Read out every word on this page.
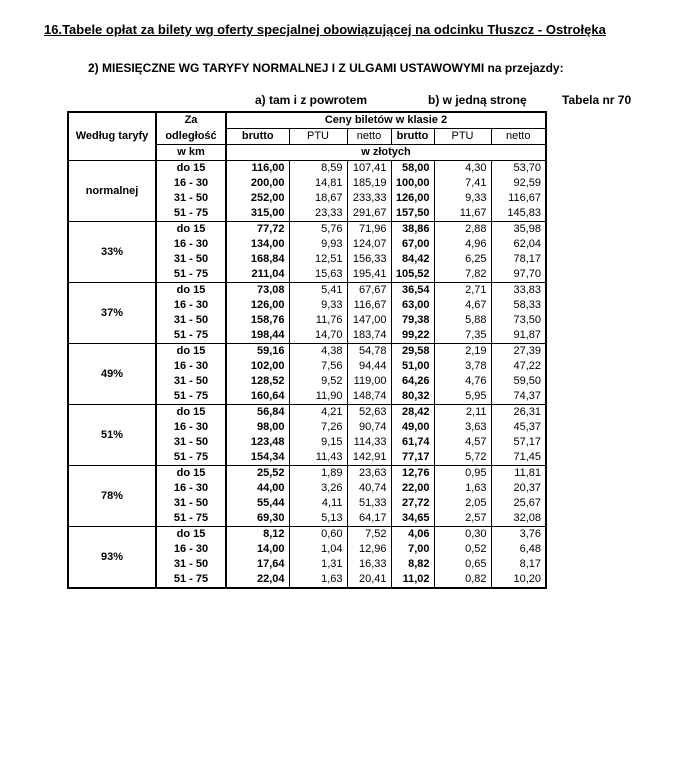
16.Tabele opłat za bilety wg oferty specjalnej obowiązującej na odcinku Tłuszcz - Ostrołęka
2) MIESIĘCZNE WG TARYFY NORMALNEJ I Z ULGAMI USTAWOWYMI na przejazdy:
a) tam i z powrotem	b) w jedną stronę	Tabela nr 70
Według taryfy	Za	Ceny biletów w klasie 2					
	odległość	brutto	PTU	netto	brutto	PTU	netto
	w km	w złotych					
normalnej	do 15	116,00	8,59	107,41	58,00	4,30	53,70
	16 - 30	200,00	14,81	185,19	100,00	7,41	92,59
	31 - 50	252,00	18,67	233,33	126,00	9,33	116,67
	51 - 75	315,00	23,33	291,67	157,50	11,67	145,83
33%	do 15	77,72	5,76	71,96	38,86	2,88	35,98
	16 - 30	134,00	9,93	124,07	67,00	4,96	62,04
	31 - 50	168,84	12,51	156,33	84,42	6,25	78,17
	51 - 75	211,04	15,63	195,41	105,52	7,82	97,70
37%	do 15	73,08	5,41	67,67	36,54	2,71	33,83
	16 - 30	126,00	9,33	116,67	63,00	4,67	58,33
	31 - 50	158,76	11,76	147,00	79,38	5,88	73,50
	51 - 75	198,44	14,70	183,74	99,22	7,35	91,87
49%	do 15	59,16	4,38	54,78	29,58	2,19	27,39
	16 - 30	102,00	7,56	94,44	51,00	3,78	47,22
	31 - 50	128,52	9,52	119,00	64,26	4,76	59,50
	51 - 75	160,64	11,90	148,74	80,32	5,95	74,37
51%	do 15	56,84	4,21	52,63	28,42	2,11	26,31
	16 - 30	98,00	7,26	90,74	49,00	3,63	45,37
	31 - 50	123,48	9,15	114,33	61,74	4,57	57,17
	51 - 75	154,34	11,43	142,91	77,17	5,72	71,45
78%	do 15	25,52	1,89	23,63	12,76	0,95	11,81
	16 - 30	44,00	3,26	40,74	22,00	1,63	20,37
	31 - 50	55,44	4,11	51,33	27,72	2,05	25,67
	51 - 75	69,30	5,13	64,17	34,65	2,57	32,08
93%	do 15	8,12	0,60	7,52	4,06	0,30	3,76
	16 - 30	14,00	1,04	12,96	7,00	0,52	6,48
	31 - 50	17,64	1,31	16,33	8,82	0,65	8,17
	51 - 75	22,04	1,63	20,41	11,02	0,82	10,20
